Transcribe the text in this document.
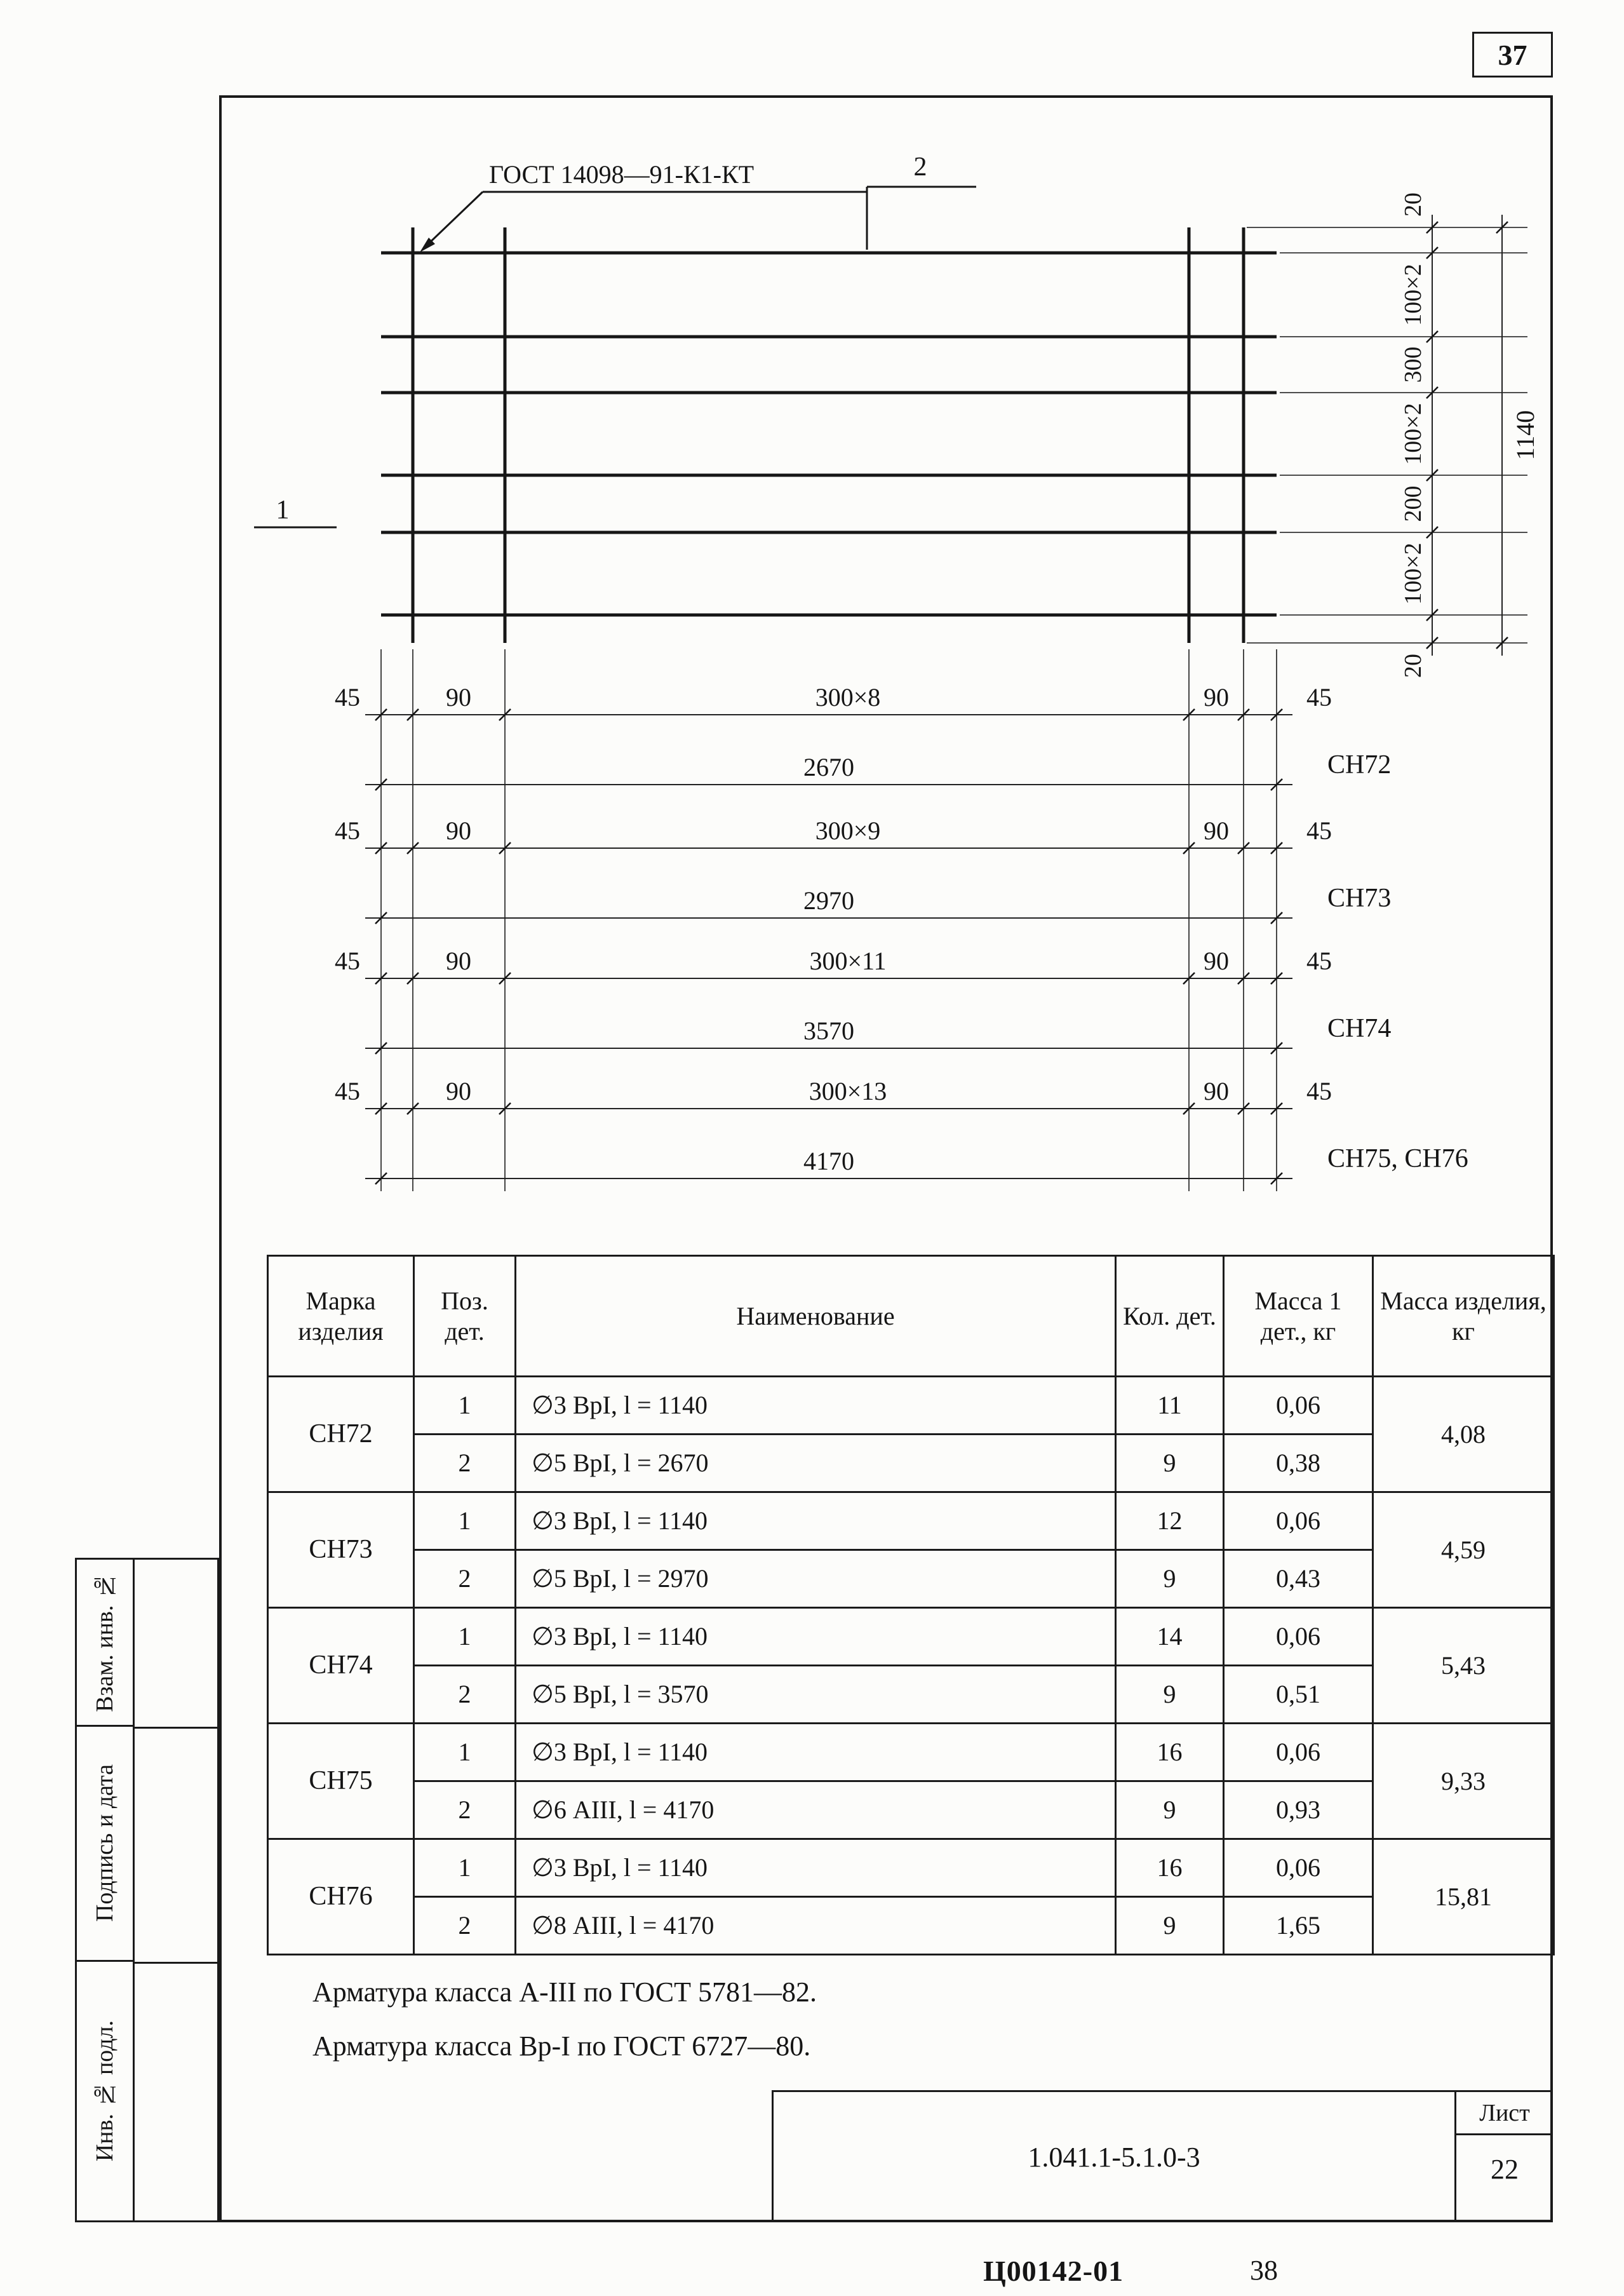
37
ГОСТ 14098—91-К1-КТ	2
1
20
100×2
300
100×2
200
100×2
20
1140
45	90	300×8	90	45
2670	СН72
45	90	300×9	90	45
2970	СН73
45	90	300×11	90	45
3570	СН74
45	90	300×13	90	45
4170	СН75, СН76
Марка изделия	Поз. дет.	Наименование	Кол. дет.	Масса 1 дет., кг	Масса изделия, кг
СН72	1	∅3 ВрI, l = 1140	11	0,06	4,08
	2	∅5 ВрI, l = 2670	9	0,38	
СН73	1	∅3 ВрI, l = 1140	12	0,06	4,59
	2	∅5 ВрI, l = 2970	9	0,43	
СН74	1	∅3 ВрI, l = 1140	14	0,06	5,43
	2	∅5 ВрI, l = 3570	9	0,51	
СН75	1	∅3 ВрI, l = 1140	16	0,06	9,33
	2	∅6 АIII, l = 4170	9	0,93	
СН76	1	∅3 ВрI, l = 1140	16	0,06	15,81
	2	∅8 АIII, l = 4170	9	1,65	

Арматура класса А-III по ГОСТ 5781—82.

Арматура класса Вр-I по ГОСТ 6727—80.

1.041.1-5.1.0-3
Лист
22
Взам. инв. №
Подпись и дата
Инв. № подл.
Ц00142-01	38
